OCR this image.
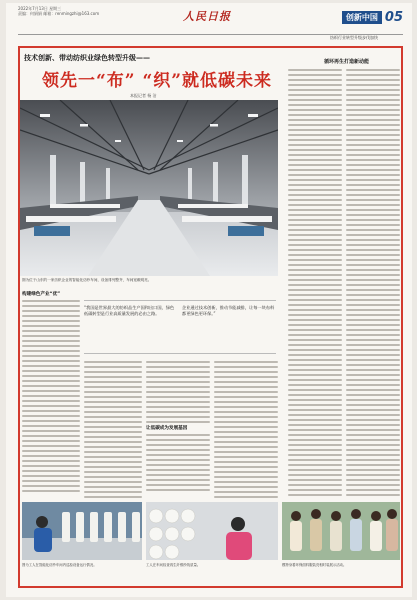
2022年7月13日 星期三
责编：何娟娟 邮箱：renmingzhi@163.com	人民日报	创新中国 05
纺织行业转型升级步伐加快
技术创新、带动纺织业绿色转型升级——
领先一“布” “织”就低碳未来
本报记者 杨 洁
图为位于山东的一家纺织企业的智能化纺纱车间，设备排列整齐，车间宽敞明亮。
“我国是世界最大的纺织品生产国和出口国，绿色低碳转型是行业高质量发展的必由之路。
企业通过技术创新，推动节能减排，让每一块布料都更绿色更环保。”
构建绿色产业“优”
让低碳成为发展基因
循环再生打造新动能
图为工人在智能化纺纱车间内巡检设备运行情况。	工人在车间检查再生纤维纱线质量。	模特身着环保面料服装亮相时装展示活动。
